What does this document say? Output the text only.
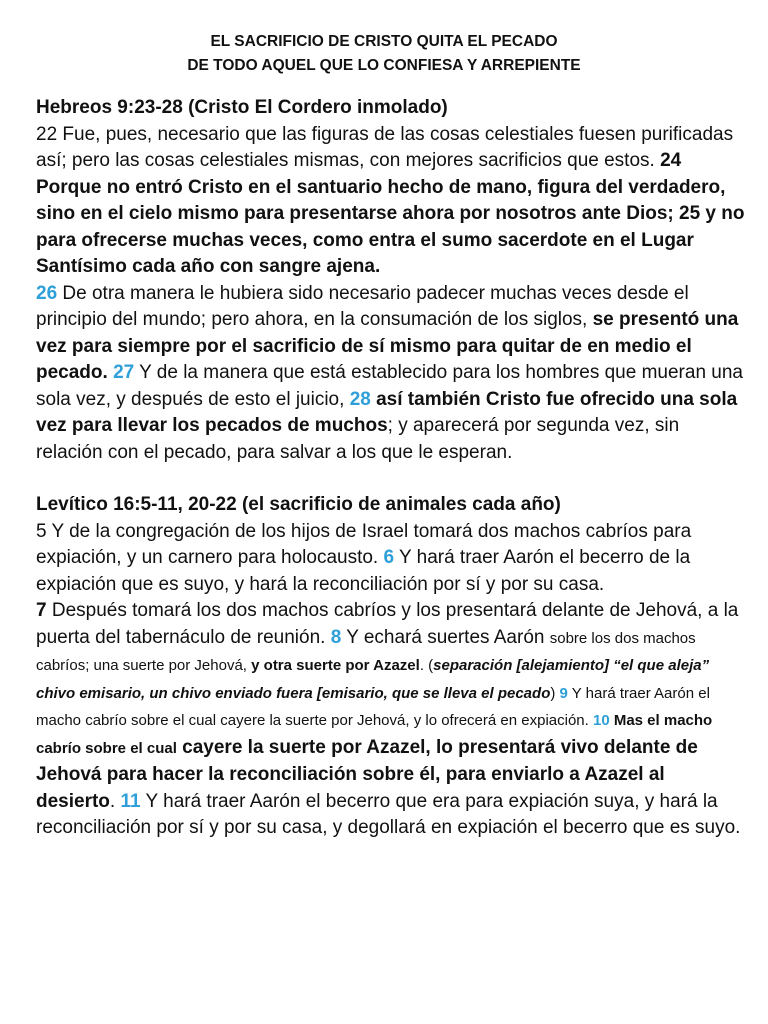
EL SACRIFICIO DE CRISTO QUITA EL PECADO
DE TODO AQUEL QUE LO CONFIESA Y ARREPIENTE
Hebreos 9:23-28 (Cristo El Cordero inmolado)
22 Fue, pues, necesario que las figuras de las cosas celestiales fuesen purificadas así; pero las cosas celestiales mismas, con mejores sacrificios que estos. 24 Porque no entró Cristo en el santuario hecho de mano, figura del verdadero, sino en el cielo mismo para presentarse ahora por nosotros ante Dios; 25 y no para ofrecerse muchas veces, como entra el sumo sacerdote en el Lugar Santísimo cada año con sangre ajena.
26 De otra manera le hubiera sido necesario padecer muchas veces desde el principio del mundo; pero ahora, en la consumación de los siglos, se presentó una vez para siempre por el sacrificio de sí mismo para quitar de en medio el pecado. 27 Y de la manera que está establecido para los hombres que mueran una sola vez, y después de esto el juicio, 28 así también Cristo fue ofrecido una sola vez para llevar los pecados de muchos; y aparecerá por segunda vez, sin relación con el pecado, para salvar a los que le esperan.
Levítico 16:5-11, 20-22 (el sacrificio de animales cada año)
5 Y de la congregación de los hijos de Israel tomará dos machos cabríos para expiación, y un carnero para holocausto. 6 Y hará traer Aarón el becerro de la expiación que es suyo, y hará la reconciliación por sí y por su casa.
7 Después tomará los dos machos cabríos y los presentará delante de Jehová, a la puerta del tabernáculo de reunión. 8 Y echará suertes Aarón sobre los dos machos cabríos; una suerte por Jehová, y otra suerte por Azazel. (separación [alejamiento] “el que aleja” chivo emisario, un chivo enviado fuera [emisario, que se lleva el pecado) 9 Y hará traer Aarón el macho cabrío sobre el cual cayere la suerte por Jehová, y lo ofrecerá en expiación. 10 Mas el macho cabrío sobre el cual cayere la suerte por Azazel, lo presentará vivo delante de Jehová para hacer la reconciliación sobre él, para enviarlo a Azazel al desierto. 11 Y hará traer Aarón el becerro que era para expiación suya, y hará la reconciliación por sí y por su casa, y degollará en expiación el becerro que es suyo.
